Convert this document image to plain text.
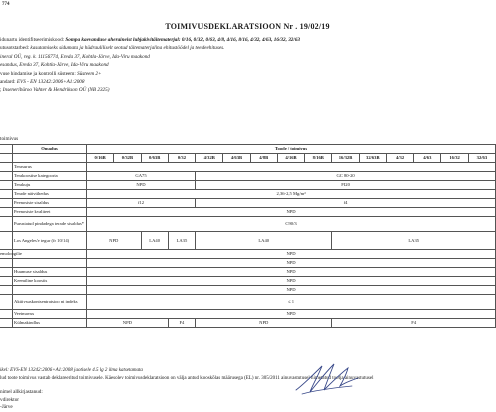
774
TOIMIVUSDEKLARATSIOON Nr . 19/02/19
idunartu identifitseerimiskood: Sompa kaevanduse aheraineist lubjakivitäitematerjal: 0/16, 0/32, 0/63, 4/8, 4/16, 8/16, 4/32, 4/63, 16/32, 32/63
utusotstarbed: kasutamiseks sidumata ja hüdrauliliselt seotud täitematerjalina ehitustöödel ja teedeehituses.
ineral OÜ, reg. k. 11156774, Ereda 37, Kohtla-Järve, Ida-Viru maakond
esandus, Ereda 37, Kohtla-Järve, Ida-Viru maakond
vuse hindamise ja kontrolli süsteem: Süsteem 2+
andard: EVS - EN 13242:2006+A1:2008
; Inseneribüroo Vahter & Hendrikson OÜ (NB 2325)
toimivus
	Omadus	Toode / toimivus														
		0/16B	0/32B	0/63B	0/32	4/32B	4/63B	4/8B	4/16B	8/16B	16/32B	32/63B	4/32	4/63	16/32	32/63
	Terasurus															
	Terakoostise kategooria	GA75				GC 80-20										
	Terakuju	NPD				FI20										
	Terade näivtihedus	2,36-2,5 Mg/m³														
	Peenosiste sisaldus	f12				f4										
	Peenosiste kvaliteet	NPD														
	Purustatud pindadega terade sisaldus*	C90/3														
	Los Angeles'e tegur (fr 10/14)	NPD		LA40	LA35	LA40					LA35					
emoloogilie		NPD														
		NPD														
	Huumuse sisaldus	NPD														
	Keemiline koostis	NPD														
		NPD														
	Aktiivsuskontsentratsioo ni indeks	≤ 1														
	Veeimavus	NPD														
	Külmakindlus	NPD			F4	NPD					F4					
ikel: EVS-EN 13242:2006+A1:2008 jaotisele 4.5 lg 2 ilma katsetamata
lud toote toimivus vastab deklareeritud toimivusele. Käesolev toimivusdeklaratsioon on välja antud kooskõlas määrusega (EL) nr. 305/2011 ainuvastutusel nimetatud tootja ainuvastutusel
nimel allkirjastanud:
vdirektor
-Järve
